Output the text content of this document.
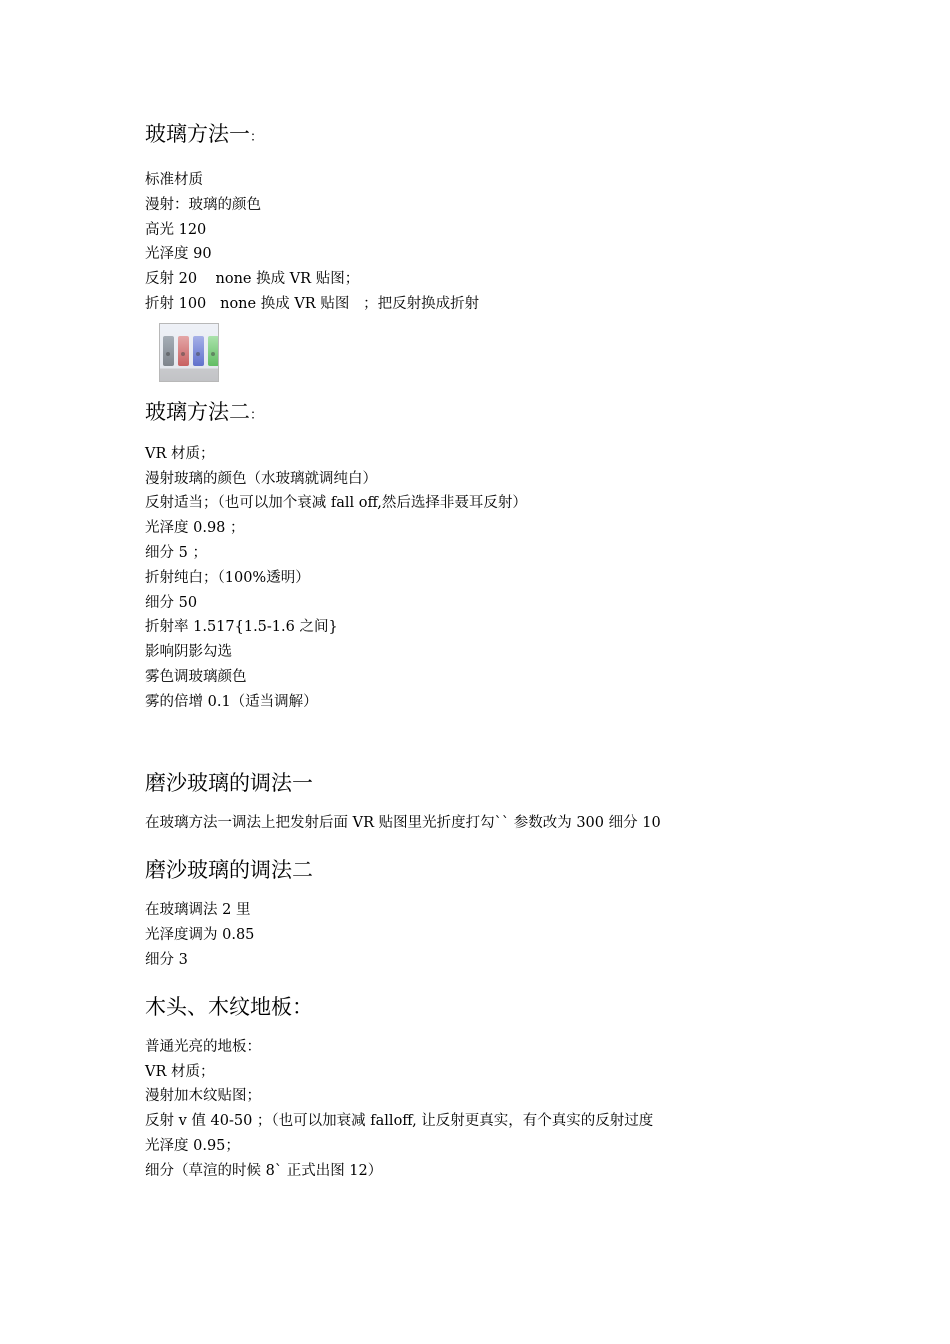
玻璃方法一：
标准材质
漫射：玻璃的颜色
高光 120
光泽度 90
反射 20    none 换成 VR 贴图；
折射 100   none 换成 VR 贴图   ；把反射换成折射
玻璃方法二：
VR 材质；
漫射玻璃的颜色（水玻璃就调纯白）
反射适当；（也可以加个衰减 fall off,然后选择非聂耳反射）
光泽度 0.98 ；
细分 5 ；
折射纯白；（100%透明）
细分 50
折射率 1.517{1.5-1.6 之间}
影响阴影勾选
雾色调玻璃颜色
雾的倍增 0.1（适当调解）
磨沙玻璃的调法一
在玻璃方法一调法上把发射后面 VR 贴图里光折度打勾`` 参数改为 300 细分 10
磨沙玻璃的调法二
在玻璃调法 2 里
光泽度调为 0.85
细分 3
木头、木纹地板：
普通光亮的地板：
VR 材质；
漫射加木纹贴图；
反射 v 值 40-50 ；（也可以加衰减 falloff, 让反射更真实，有个真实的反射过度
光泽度 0.95；
细分（草渲的时候 8` 正式出图 12）
